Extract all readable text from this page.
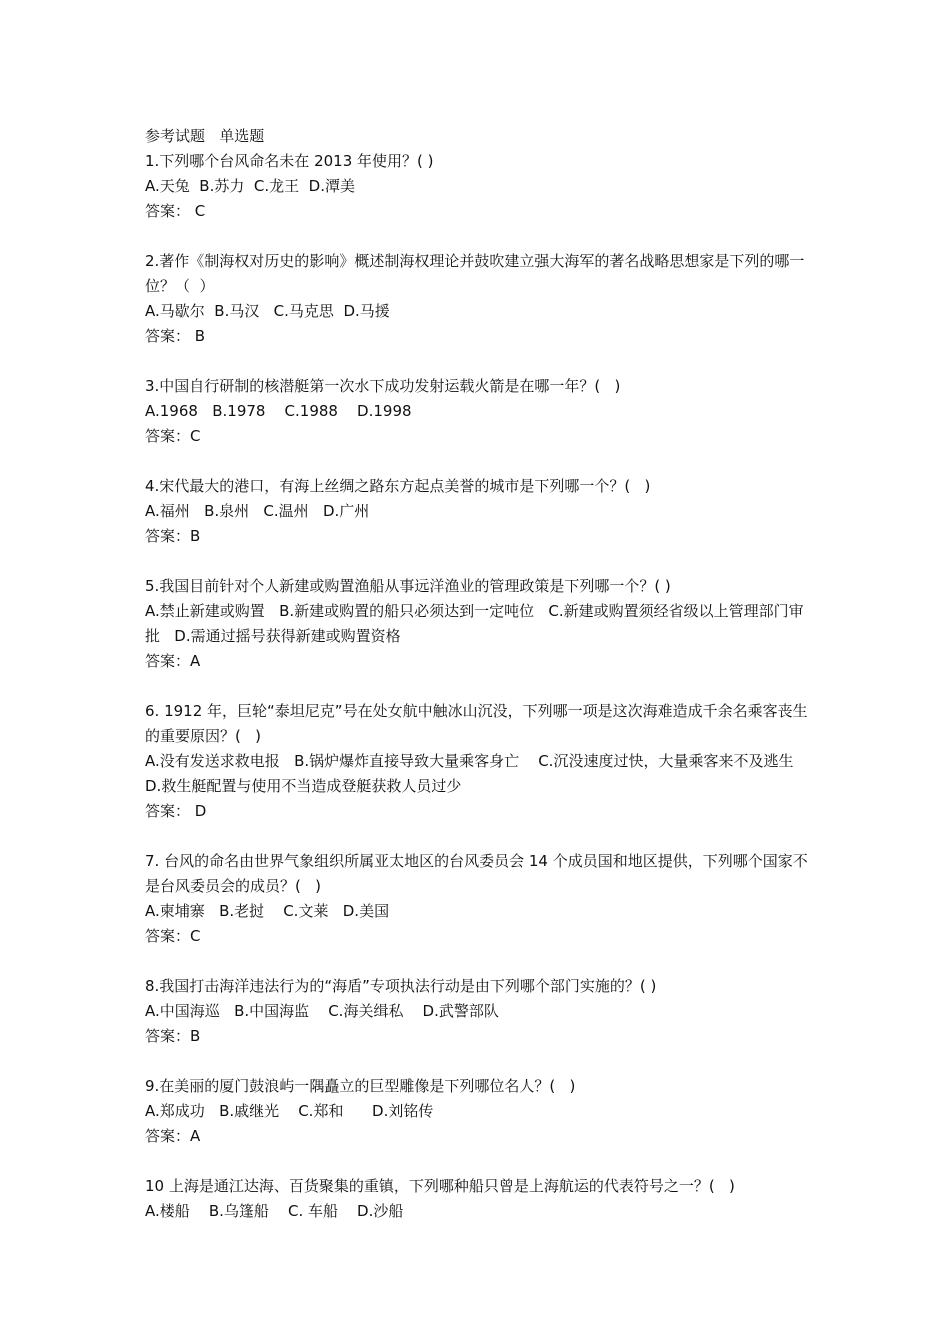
参考试题   单选题
1.下列哪个台风命名未在 2013 年使用？( )
A.天兔  B.苏力  C.龙王  D.潭美
答案： C
2.著作《制海权对历史的影响》概述制海权理论并鼓吹建立强大海军的著名战略思想家是下列的哪一位？（  ）
A.马歇尔  B.马汉   C.马克思  D.马援
答案： B
3.中国自行研制的核潜艇第一次水下成功发射运载火箭是在哪一年？(   )
A.1968   B.1978    C.1988    D.1998
答案：C
4.宋代最大的港口，有海上丝绸之路东方起点美誉的城市是下列哪一个？(   )
A.福州   B.泉州   C.温州   D.广州
答案：B
5.我国目前针对个人新建或购置渔船从事远洋渔业的管理政策是下列哪一个？( )
A.禁止新建或购置   B.新建或购置的船只必须达到一定吨位   C.新建或购置须经省级以上管理部门审批   D.需通过摇号获得新建或购置资格
答案：A
6. 1912 年，巨轮“泰坦尼克”号在处女航中触冰山沉没，下列哪一项是这次海难造成千余名乘客丧生的重要原因？(   )
A.没有发送求救电报   B.锅炉爆炸直接导致大量乘客身亡    C.沉没速度过快，大量乘客来不及逃生   D.救生艇配置与使用不当造成登艇获救人员过少
答案： D
7. 台风的命名由世界气象组织所属亚太地区的台风委员会 14 个成员国和地区提供，下列哪个国家不是台风委员会的成员？(   )
A.柬埔寨   B.老挝    C.文莱   D.美国
答案：C
8.我国打击海洋违法行为的“海盾”专项执法行动是由下列哪个部门实施的？( )
A.中国海巡   B.中国海监    C.海关缉私    D.武警部队
答案：B
9.在美丽的厦门鼓浪屿一隅矗立的巨型雕像是下列哪位名人？(   )
A.郑成功   B.戚继光    C.郑和      D.刘铭传
答案：A
10 上海是通江达海、百货聚集的重镇，下列哪种船只曾是上海航运的代表符号之一？(   )
A.楼船    B.乌篷船    C. 车船    D.沙船
